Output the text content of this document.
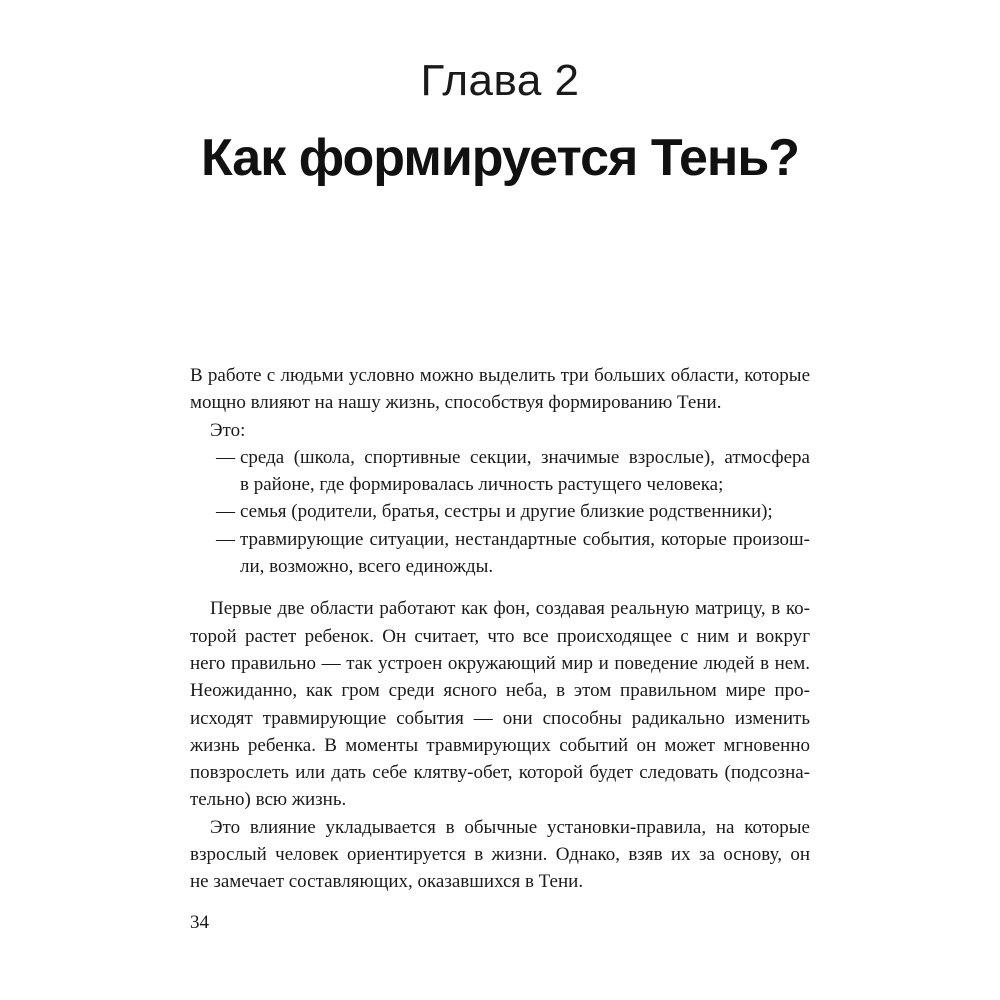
Глава 2
Как формируется Тень?
В работе с людьми условно можно выделить три больших области, которые
мощно влияют на нашу жизнь, способствуя формированию Тени.
Это:
— среда (школа, спортивные секции, значимые взрослые), атмосфера
в районе, где формировалась личность растущего человека;
— семья (родители, братья, сестры и другие близкие родственники);
— травмирующие ситуации, нестандартные события, которые произош-
ли, возможно, всего единожды.
Первые две области работают как фон, создавая реальную матрицу, в ко-
торой растет ребенок. Он считает, что все происходящее с ним и вокруг
него правильно — так устроен окружающий мир и поведение людей в нем.
Неожиданно, как гром среди ясного неба, в этом правильном мире про-
исходят травмирующие события — они способны радикально изменить
жизнь ребенка. В моменты травмирующих событий он может мгновенно
повзрослеть или дать себе клятву-обет, которой будет следовать (подсозна-
тельно) всю жизнь.
Это влияние укладывается в обычные установки-правила, на которые
взрослый человек ориентируется в жизни. Однако, взяв их за основу, он
не замечает составляющих, оказавшихся в Тени.
34
